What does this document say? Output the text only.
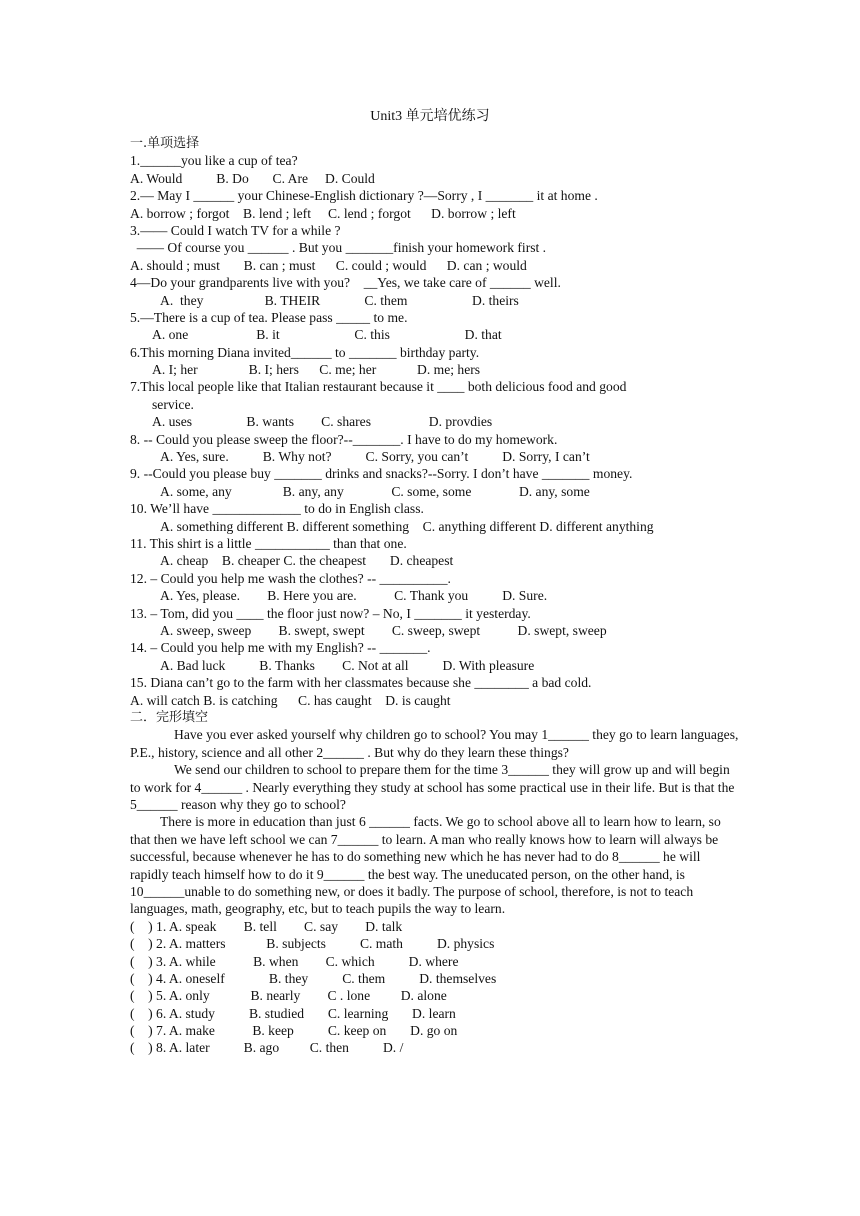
Unit3 单元培优练习
一.单项选择
1.______you like a cup of tea?
A. Would          B. Do       C. Are     D. Could
2.— May I ______ your Chinese-English dictionary ?—Sorry , I _______ it at home .
A. borrow ; forgot    B. lend ; left     C. lend ; forgot      D. borrow ; left
3.—— Could I watch TV for a while ?
—— Of course you ______ . But you _______finish your homework first .
A. should ; must       B. can ; must      C. could ; would      D. can ; would
4—Do your grandparents live with you?    __Yes, we take care of ______ well.
A.  they                  B. THEIR             C. them                   D. theirs
5.—There is a cup of tea. Please pass _____ to me.
A. one                    B. it                      C. this                      D. that
6.This morning Diana invited______ to _______ birthday party.
A. I; her               B. I; hers      C. me; her            D. me; hers
7.This local people like that Italian restaurant because it ____ both delicious food and good
service.
A. uses                B. wants        C. shares                 D. provdies
8. -- Could you please sweep the floor?--_______. I have to do my homework.
A. Yes, sure.          B. Why not?          C. Sorry, you can’t          D. Sorry, I can’t
9. --Could you please buy _______ drinks and snacks?--Sorry. I don’t have _______ money.
A. some, any               B. any, any              C. some, some              D. any, some
10. We’ll have _____________ to do in English class.
A. something different B. different something    C. anything different D. different anything
11. This shirt is a little ___________ than that one.
A. cheap    B. cheaper C. the cheapest       D. cheapest
12. – Could you help me wash the clothes? -- __________.
A. Yes, please.        B. Here you are.           C. Thank you          D. Sure.
13. – Tom, did you ____ the floor just now? – No, I _______ it yesterday.
A. sweep, sweep        B. swept, swept        C. sweep, swept           D. swept, sweep
14. – Could you help me with my English? -- _______.
A. Bad luck          B. Thanks        C. Not at all          D. With pleasure
15. Diana can’t go to the farm with her classmates because she ________ a bad cold.
A. will catch B. is catching      C. has caught    D. is caught
二．完形填空
Have you ever asked yourself why children go to school? You may 1______ they go to learn languages, P.E., history, science and all other 2______ . But why do they learn these things?
We send our children to school to prepare them for the time 3______ they will grow up and will begin to work for 4______ . Nearly everything they study at school has some practical use in their life. But is that the 5______ reason why they go to school?
There is more in education than just 6 ______ facts. We go to school above all to learn how to learn, so that then we have left school we can 7______ to learn. A man who really knows how to learn will always be successful, because whenever he has to do something new which he has never had to do 8______ he will rapidly teach himself how to do it 9______ the best way. The uneducated person, on the other hand, is 10______unable to do something new, or does it badly. The purpose of school, therefore, is not to teach languages, math, geography, etc, but to teach pupils the way to learn.
(    ) 1. A. speak        B. tell        C. say        D. talk
(    ) 2. A. matters            B. subjects          C. math          D. physics
(    ) 3. A. while           B. when        C. which          D. where
(    ) 4. A. oneself             B. they          C. them          D. themselves
(    ) 5. A. only            B. nearly        C . lone         D. alone
(    ) 6. A. study          B. studied       C. learning       D. learn
(    ) 7. A. make           B. keep          C. keep on       D. go on
(    ) 8. A. later          B. ago         C. then          D. /
